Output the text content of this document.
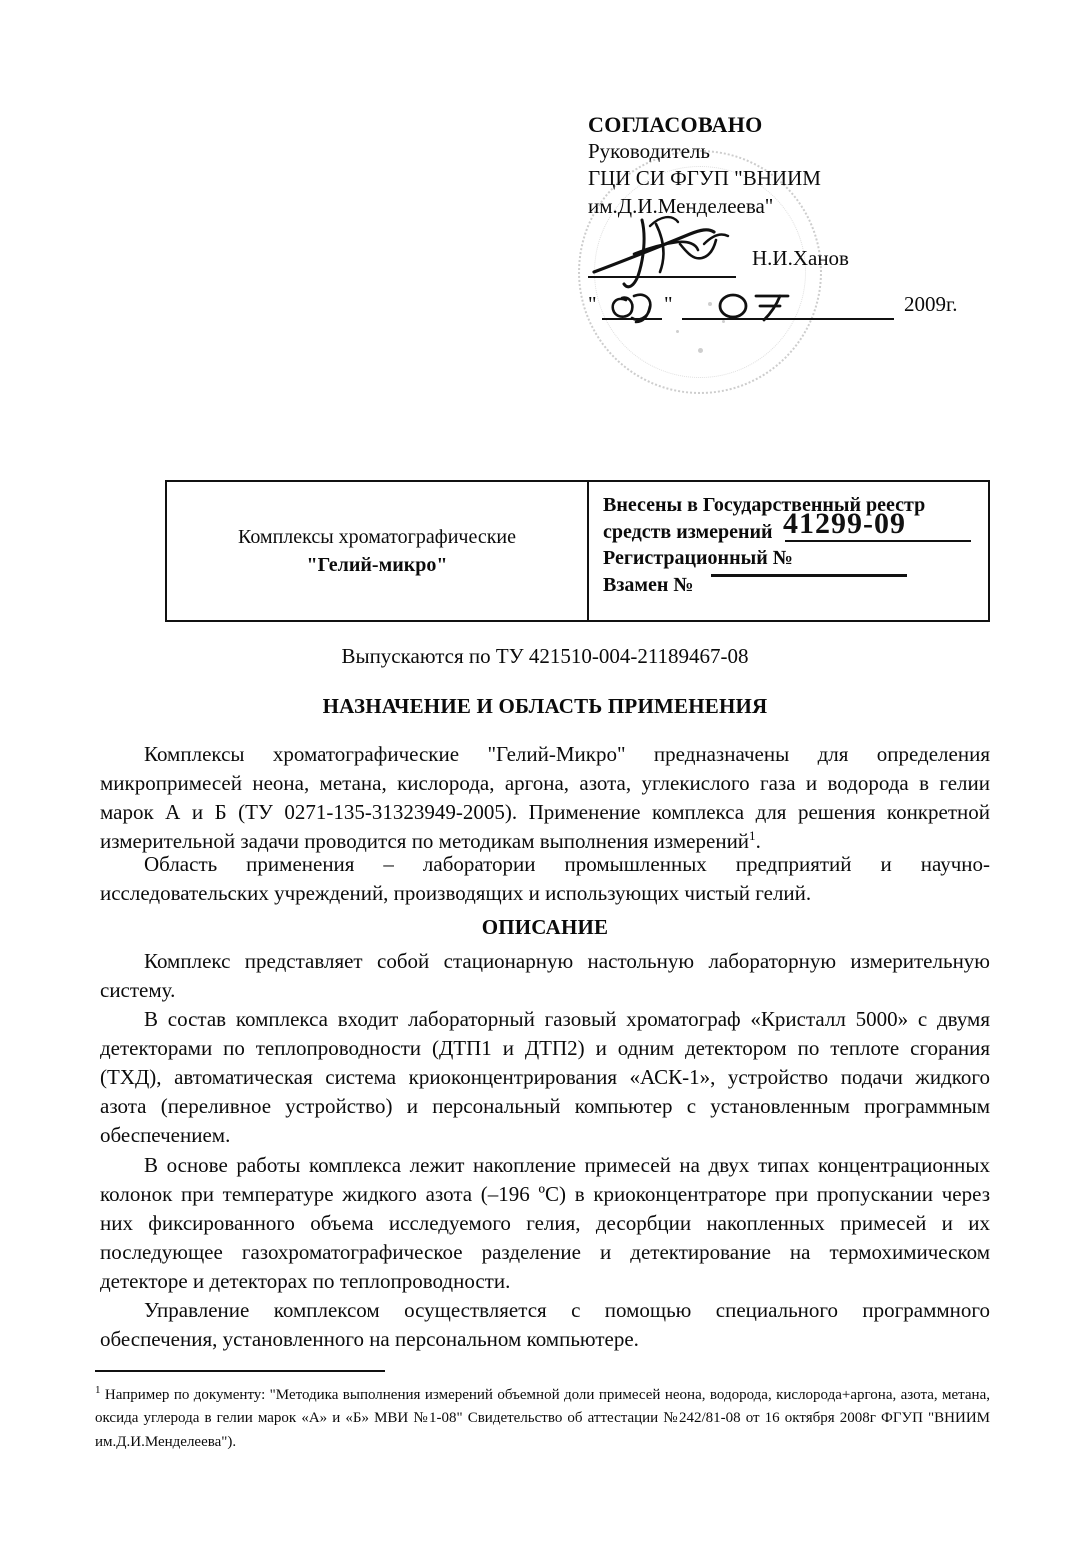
СОГЛАСОВАНО
Руководитель
ГЦИ СИ ФГУП "ВНИИМ
им.Д.И.Менделеева"
Н.И.Ханов
"	"	2009г.
Комплексы хроматографические
"Гелий-микро"
Внесены в Государственный реестр
средств измерений
Регистрационный №
Взамен №
41299-09
Выпускаются по ТУ 421510-004-21189467-08
НАЗНАЧЕНИЕ И ОБЛАСТЬ ПРИМЕНЕНИЯ

Комплексы хроматографические "Гелий-Микро" предназначены для определения микропримесей неона, метана, кислорода, аргона, азота, углекислого газа и водорода в гелии марок А и Б (ТУ 0271-135-31323949-2005). Применение комплекса для решения конкретной измерительной задачи проводится по методикам выполнения измерений$^1$.

Область применения – лаборатории промышленных предприятий и научно-исследовательских учреждений, производящих и использующих чистый гелий.

ОПИСАНИЕ

Комплекс представляет собой стационарную настольную лабораторную измерительную систему.

В состав комплекса входит лабораторный газовый хроматограф «Кристалл 5000» с двумя детекторами по теплопроводности (ДТП1 и ДТП2) и одним детектором по теплоте сгорания (ТХД), автоматическая система криоконцентрирования «АСК-1», устройство подачи жидкого азота (переливное устройство) и персональный компьютер с установленным программным обеспечением.

В основе работы комплекса лежит накопление примесей на двух типах концентрационных колонок при температуре жидкого азота (–196 ºС) в криоконцентраторе при пропускании через них фиксированного объема исследуемого гелия, десорбции накопленных примесей и их последующее газохроматографическое разделение и детектирование на термохимическом детекторе и детекторах по теплопроводности.

Управление комплексом осуществляется с помощью специального программного обеспечения, установленного на персональном компьютере.

$^1$ Например по документу: "Методика выполнения измерений объемной доли примесей неона, водорода, кислорода+аргона, азота, метана, оксида углерода в гелии марок «А» и «Б» МВИ №1-08" Свидетельство об аттестации №242/81-08 от 16 октября 2008г ФГУП "ВНИИМ им.Д.И.Менделеева").
